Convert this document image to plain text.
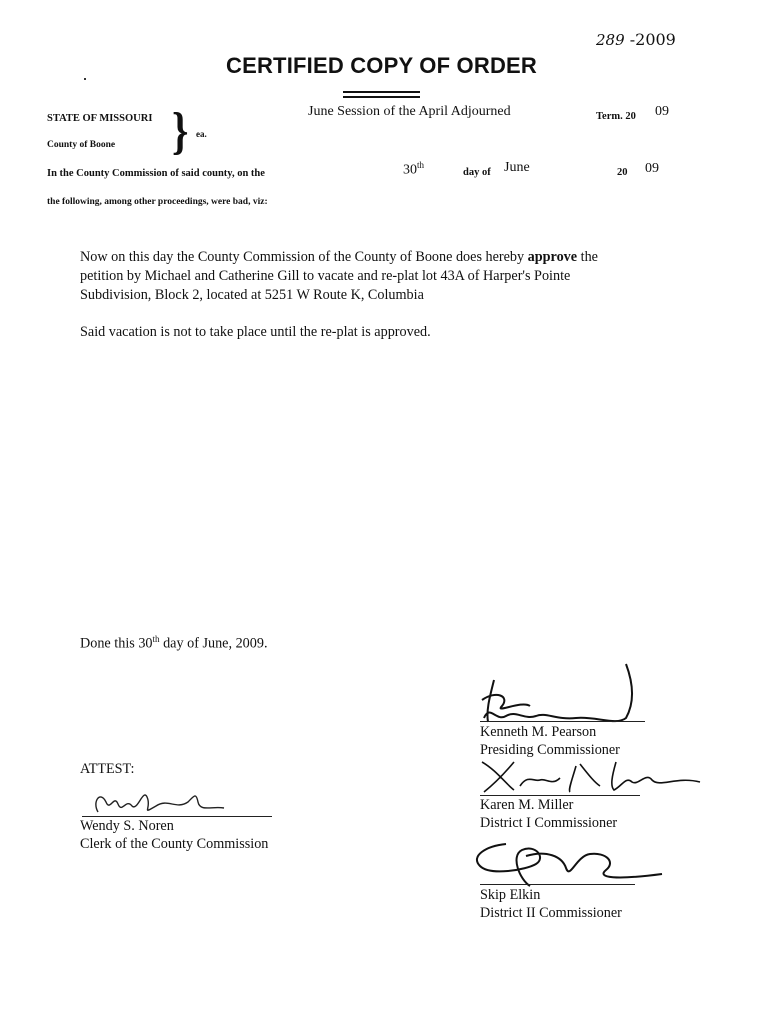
289 -2009
CERTIFIED COPY OF ORDER
STATE OF MISSOURI } ea.
County of Boone
June Session of the April Adjourned	Term. 20 09
In the County Commission of said county, on the	30th
day of June	20 09
the following, among other proceedings, were bad, viz:
Now on this day the County Commission of the County of Boone does hereby approve the petition by Michael and Catherine Gill to vacate and re-plat lot 43A of Harper's Pointe Subdivision, Block 2, located at 5251 W Route K, Columbia
Said vacation is not to take place until the re-plat is approved.
Done this 30th day of June, 2009.
ATTEST:
Wendy S. Noren
Clerk of the County Commission
Kenneth M. Pearson
Presiding Commissioner
Karen M. Miller
District I Commissioner
Skip Elkin
District II Commissioner
